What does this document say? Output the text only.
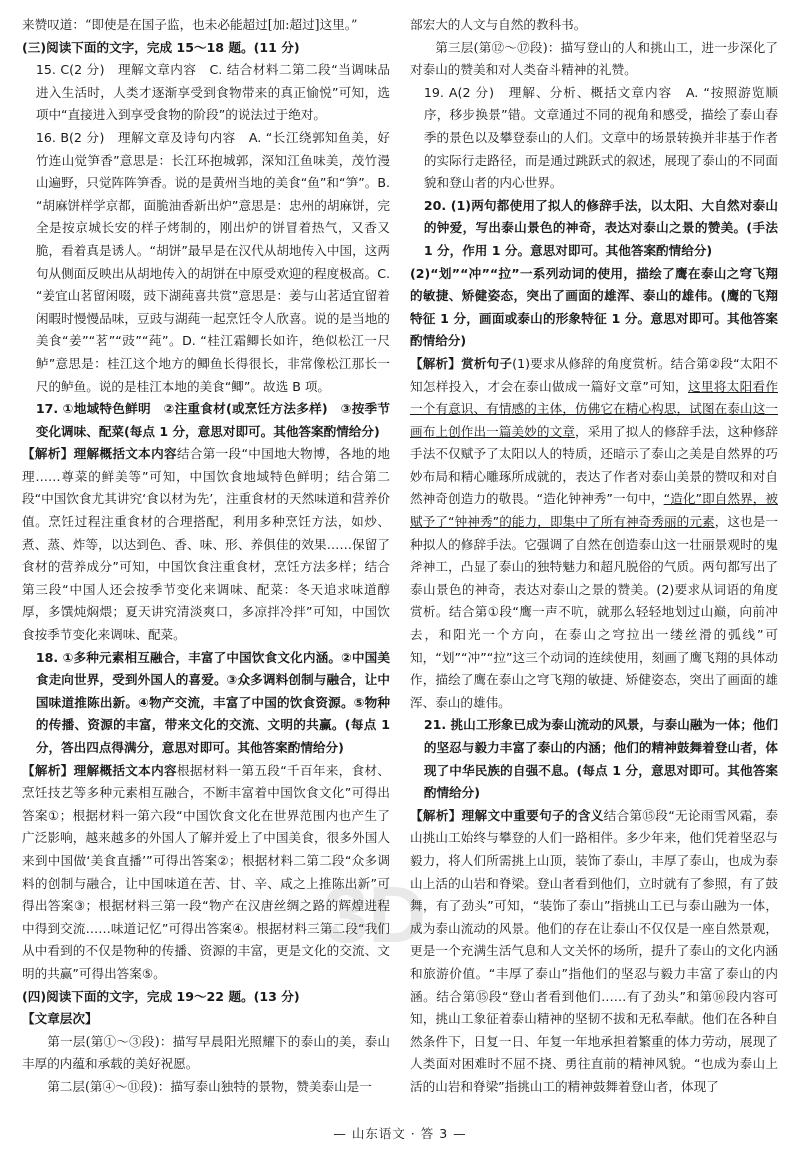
来赞叹道：“即使是在国子监，也未必能超过[加:超过]这里。”

(三)阅读下面的文字，完成 15～18 题。(11 分)

15. C(2 分)　理解文章内容　C. 结合材料二第二段“当调味品进入生活时，人类才逐渐享受到食物带来的真正愉悦”可知，选项中“直接进入到享受食物的阶段”的说法过于绝对。

16. B(2 分)　理解文章及诗句内容　A. “长江绕郭知鱼美，好竹连山觉笋香”意思是：长江环抱城郭，深知江鱼味美，茂竹漫山遍野，只觉阵阵笋香。说的是黄州当地的美食“鱼”和“笋”。B. “胡麻饼样学京都，面脆油香新出炉”意思是：忠州的胡麻饼，完全是按京城长安的样子烤制的，刚出炉的饼冒着热气，又香又脆，看着真是诱人。“胡饼”最早是在汉代从胡地传入中国，这两句从侧面反映出从胡地传入的胡饼在中原受欢迎的程度极高。C. “姜宜山茗留闲啜，豉下湖莼喜共赏”意思是：姜与山茗适宜留着闲暇时慢慢品味，豆豉与湖莼一起烹饪令人欣喜。说的是当地的美食“姜”“茗”“豉”“莼”。D. “桂江霜鲫长如许，绝似松江一尺鲈”意思是：桂江这个地方的鲫鱼长得很长，非常像松江那长一尺的鲈鱼。说的是桂江本地的美食“鲫”。故选 B 项。

17. ①地域特色鲜明　②注重食材(或烹饪方法多样)　③按季节变化调味、配菜(每点 1 分，意思对即可。其他答案酌情给分)

【解析】理解概括文本内容结合第一段“中国地大物博，各地的地理……尊菜的鲜美等”可知，中国饮食地域特色鲜明；结合第二段“中国饮食尤其讲究‘食以材为先’，注重食材的天然味道和营养价值。烹饪过程注重食材的合理搭配，利用多种烹饪方法，如炒、煮、蒸、炸等，以达到色、香、味、形、养俱佳的效果……保留了食材的营养成分”可知，中国饮食注重食材，烹饪方法多样；结合第三段“中国人还会按季节变化来调味、配菜：冬天追求味道醇厚，多馔炖焖煨；夏天讲究清淡爽口，多凉拌冷拌”可知，中国饮食按季节变化来调味、配菜。

18. ①多种元素相互融合，丰富了中国饮食文化内涵。②中国美食走向世界，受到外国人的喜爱。③众多调料创制与融合，让中国味道推陈出新。④物产交流，丰富了中国的饮食资源。⑤物种的传播、资源的丰富，带来文化的交流、文明的共赢。(每点 1 分，答出四点得满分，意思对即可。其他答案酌情给分)

【解析】理解概括文本内容根据材料一第五段“千百年来，食材、烹饪技艺等多种元素相互融合，不断丰富着中国饮食文化”可得出答案①；根据材料一第六段“中国饮食文化在世界范围内也产生了广泛影响，越来越多的外国人了解并爱上了中国美食，很多外国人来到中国做‘美食直播’”可得出答案②；根据材料二第二段“众多调料的创制与融合，让中国味道在苦、甘、辛、咸之上推陈出新”可得出答案③；根据材料三第一段“物产在汉唐丝绸之路的辉煌进程中得到交流……味道记忆”可得出答案④。根据材料三第二段“我们从中看到的不仅是物种的传播、资源的丰富，更是文化的交流、文明的共赢”可得出答案⑤。

(四)阅读下面的文字，完成 19～22 题。(13 分)

【文章层次】

第一层(第①～③段)：描写早晨阳光照耀下的泰山的美，泰山丰厚的内蕴和承载的美好祝愿。

第二层(第④～⑪段)：描写泰山独特的景物，赞美泰山是一

部宏大的人文与自然的教科书。

第三层(第⑫～⑰段)：描写登山的人和挑山工，进一步深化了对泰山的赞美和对人类奋斗精神的礼赞。

19. A(2 分)　理解、分析、概括文章内容　A. “按照游览顺序，移步换景”错。文章通过不同的视角和感受，描绘了泰山春季的景色以及攀登泰山的人们。文章中的场景转换并非基于作者的实际行走路径，而是通过跳跃式的叙述，展现了泰山的不同面貌和登山者的内心世界。

20. (1)两句都使用了拟人的修辞手法，以太阳、大自然对泰山的钟爱，写出泰山景色的神奇，表达对泰山之景的赞美。(手法 1 分，作用 1 分。意思对即可。其他答案酌情给分)

(2)“划”“冲”“拉”一系列动词的使用，描绘了鹰在泰山之穹飞翔的敏捷、矫健姿态，突出了画面的雄浑、泰山的雄伟。(鹰的飞翔特征 1 分，画面或泰山的形象特征 1 分。意思对即可。其他答案酌情给分)

【解析】赏析句子(1)要求从修辞的角度赏析。结合第②段“太阳不知怎样投入，才会在泰山做成一篇好文章”可知，这里将太阳看作一个有意识、有情感的主体，仿佛它在精心构思，试图在泰山这一画布上创作出一篇美妙的文章，采用了拟人的修辞手法，这种修辞手法不仅赋予了太阳以人的特质，还暗示了泰山之美是自然界的巧妙布局和精心雕琢所成就的，表达了作者对泰山美景的赞叹和对自然神奇创造力的敬畏。“造化钟神秀”一句中，“造化”即自然界，被赋予了“钟神秀”的能力，即集中了所有神奇秀丽的元素，这也是一种拟人的修辞手法。它强调了自然在创造泰山这一壮丽景观时的鬼斧神工，凸显了泰山的独特魅力和超凡脱俗的气质。两句都写出了泰山景色的神奇，表达对泰山之景的赞美。(2)要求从词语的角度赏析。结合第①段“鹰一声不吭，就那么轻轻地划过山巅，向前冲去，和阳光一个方向，在泰山之穹拉出一缕丝滑的弧线”可知，“划”“冲”“拉”这三个动词的连续使用，刻画了鹰飞翔的具体动作，描绘了鹰在泰山之穹飞翔的敏捷、矫健姿态，突出了画面的雄浑、泰山的雄伟。

21. 挑山工形象已成为泰山流动的风景，与泰山融为一体；他们的坚忍与毅力丰富了泰山的内涵；他们的精神鼓舞着登山者，体现了中华民族的自强不息。(每点 1 分，意思对即可。其他答案酌情给分)

【解析】理解文中重要句子的含义结合第⑮段“无论雨雪风霜，泰山挑山工始终与攀登的人们一路相伴。多少年来，他们凭着坚忍与毅力，将人们所需挑上山顶，装饰了泰山，丰厚了泰山，也成为泰山上活的山岩和脊梁。登山者看到他们，立时就有了参照，有了鼓舞，有了劲头”可知，“装饰了泰山”指挑山工已与泰山融为一体，成为泰山流动的风景。他们的存在让泰山不仅仅是一座自然景观，更是一个充满生活气息和人文关怀的场所，提升了泰山的文化内涵和旅游价值。“丰厚了泰山”指他们的坚忍与毅力丰富了泰山的内涵。结合第⑮段“登山者看到他们……有了劲头”和第⑯段内容可知，挑山工象征着泰山精神的坚韧不拔和无私奉献。他们在各种自然条件下，日复一日、年复一年地承担着繁重的体力劳动，展现了人类面对困难时不屈不挠、勇往直前的精神风貌。“也成为泰山上活的山岩和脊梁”指挑山工的精神鼓舞着登山者，体现了

3D
— 山东语文 · 答 3 —
